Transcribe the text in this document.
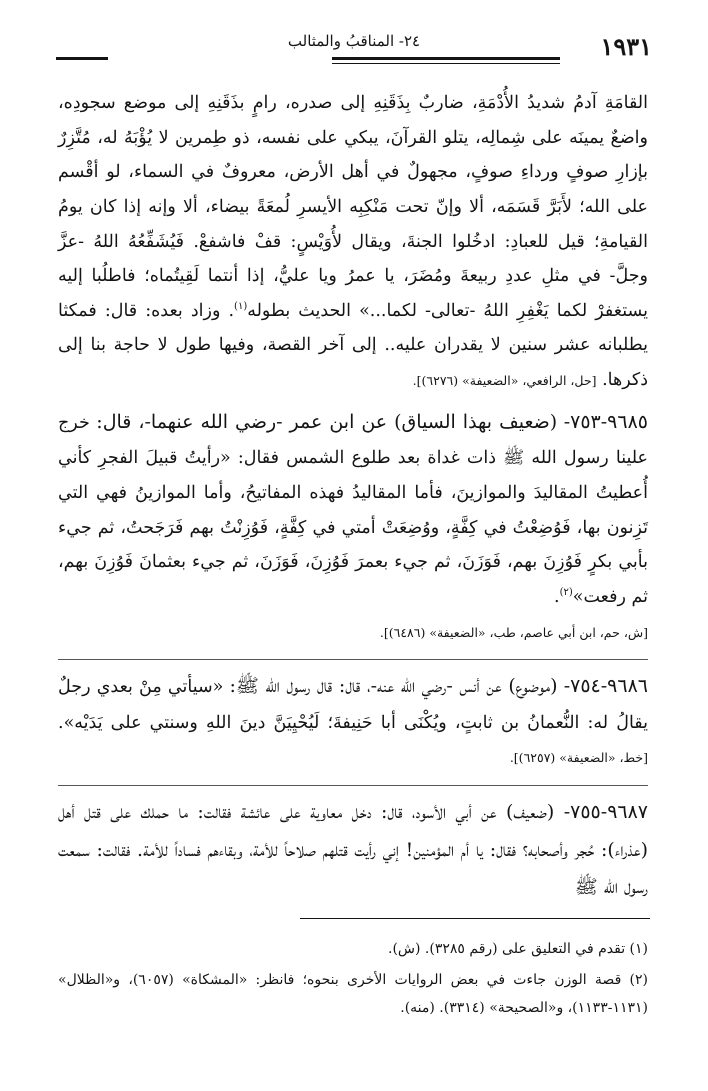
١٩٣١
٢٤- المناقبُ والمثالب

القامَةِ آدمُ شديدُ الأُدْمَةِ، ضاربٌ بِذَقَنِهِ إلى صدره، رامٍ بذَقَنِهِ إلى موضع سجودِه، واضعٌ يمينَه على شِمالِه، يتلو القرآنَ، يبكي على نفسه، ذو طِمرين لا يُؤْبَهُ له، مُتَّزِرٌ بإزارِ صوفٍ ورداءِ صوفٍ، مجهولٌ في أهل الأرض، معروفٌ في السماء، لو أقْسم على الله؛ لأَبَرَّ قَسَمَه، ألا وإنّ تحت مَنْكِبِه الأيسرِ لُمعَةً بيضاء، ألا وإنه إذا كان يومُ القيامةِ؛ قيل للعبادِ: ادخُلوا الجنةَ، ويقال لأُوَيْسٍ: قفْ فاشفعْ. فَيُشَفِّعُهُ اللهُ -عزَّ وجلَّ- في مثلِ عددِ ربيعةَ ومُضَرَ، يا عمرُ ويا عليُّ، إذا أنتما لَقِيتُماه؛ فاطلُبا إليه يستغفرْ لكما يَغْفِرِ اللهُ -تعالى- لكما...» الحديث بطوله$^{(١)}$. وزاد بعده: قال: فمكثا يطلبانه عشر سنين لا يقدران عليه.. إلى آخر القصة، وفيها طول لا حاجة بنا إلى ذكرها. [حل، الرافعي، «الضعيفة» (٦٢٧٦)].

٩٦٨٥-٧٥٣- (ضعيف بهذا السياق) عن ابن عمر -رضي الله عنهما-، قال: خرج علينا رسول الله ﷺ ذات غداة بعد طلوع الشمس فقال: «رأيتُ قبيلَ الفجرِ كأني أُعطيتُ المقاليدَ والموازينَ، فأما المقاليدُ فهذه المفاتيحُ، وأما الموازينُ فهي التي تَزِنون بها، فَوُضِعْتُ في كِفَّةٍ، ووُضِعَتْ أمتي في كِفَّةٍ، فَوُزِنْتُ بهم فَرَجَحتُ، ثم جيء بأبي بكرٍ فَوُزِنَ بهم، فَوَزَنَ، ثم جيء بعمرَ فَوُزِنَ، فَوَزَنَ، ثم جيء بعثمانَ فَوُزِنَ بهم، ثم رفعت»$^{(٢)}$.

[ش، حم، ابن أبي عاصم، طب، «الضعيفة» (٦٤٨٦)].

٩٦٨٦-٧٥٤- (موضوع) عن أنس -رضي الله عنه-، قال: قال رسول الله ﷺ: «سيأتي مِنْ بعدي رجلٌ يقالُ له: النُّعمانُ بن ثابتٍ، ويُكْنَى أبا حَنِيفةَ؛ لَيُحْيِيَنَّ دينَ اللهِ وسنتي على يَدَيْه». [خط، «الضعيفة» (٦٢٥٧)].

٩٦٨٧-٧٥٥- (ضعيف) عن أبي الأسود، قال: دخل معاوية على عائشة فقالت: ما حملك على قتل أهل (عذراء): حُجر وأصحابه؟ فقال: يا أم المؤمنين! إني رأيت قتلهم صلاحاً للأمة، وبقاءهم فساداً للأمة. فقالت: سمعت رسول الله ﷺ

(١) تقدم في التعليق على (رقم ٣٢٨٥). (ش).

(٢) قصة الوزن جاءت في بعض الروايات الأخرى بنحوه؛ فانظر: «المشكاة» (٦٠٥٧)، و«الظلال» (١١٣١-١١٣٣)، و«الصحيحة» (٣٣١٤). (منه).
